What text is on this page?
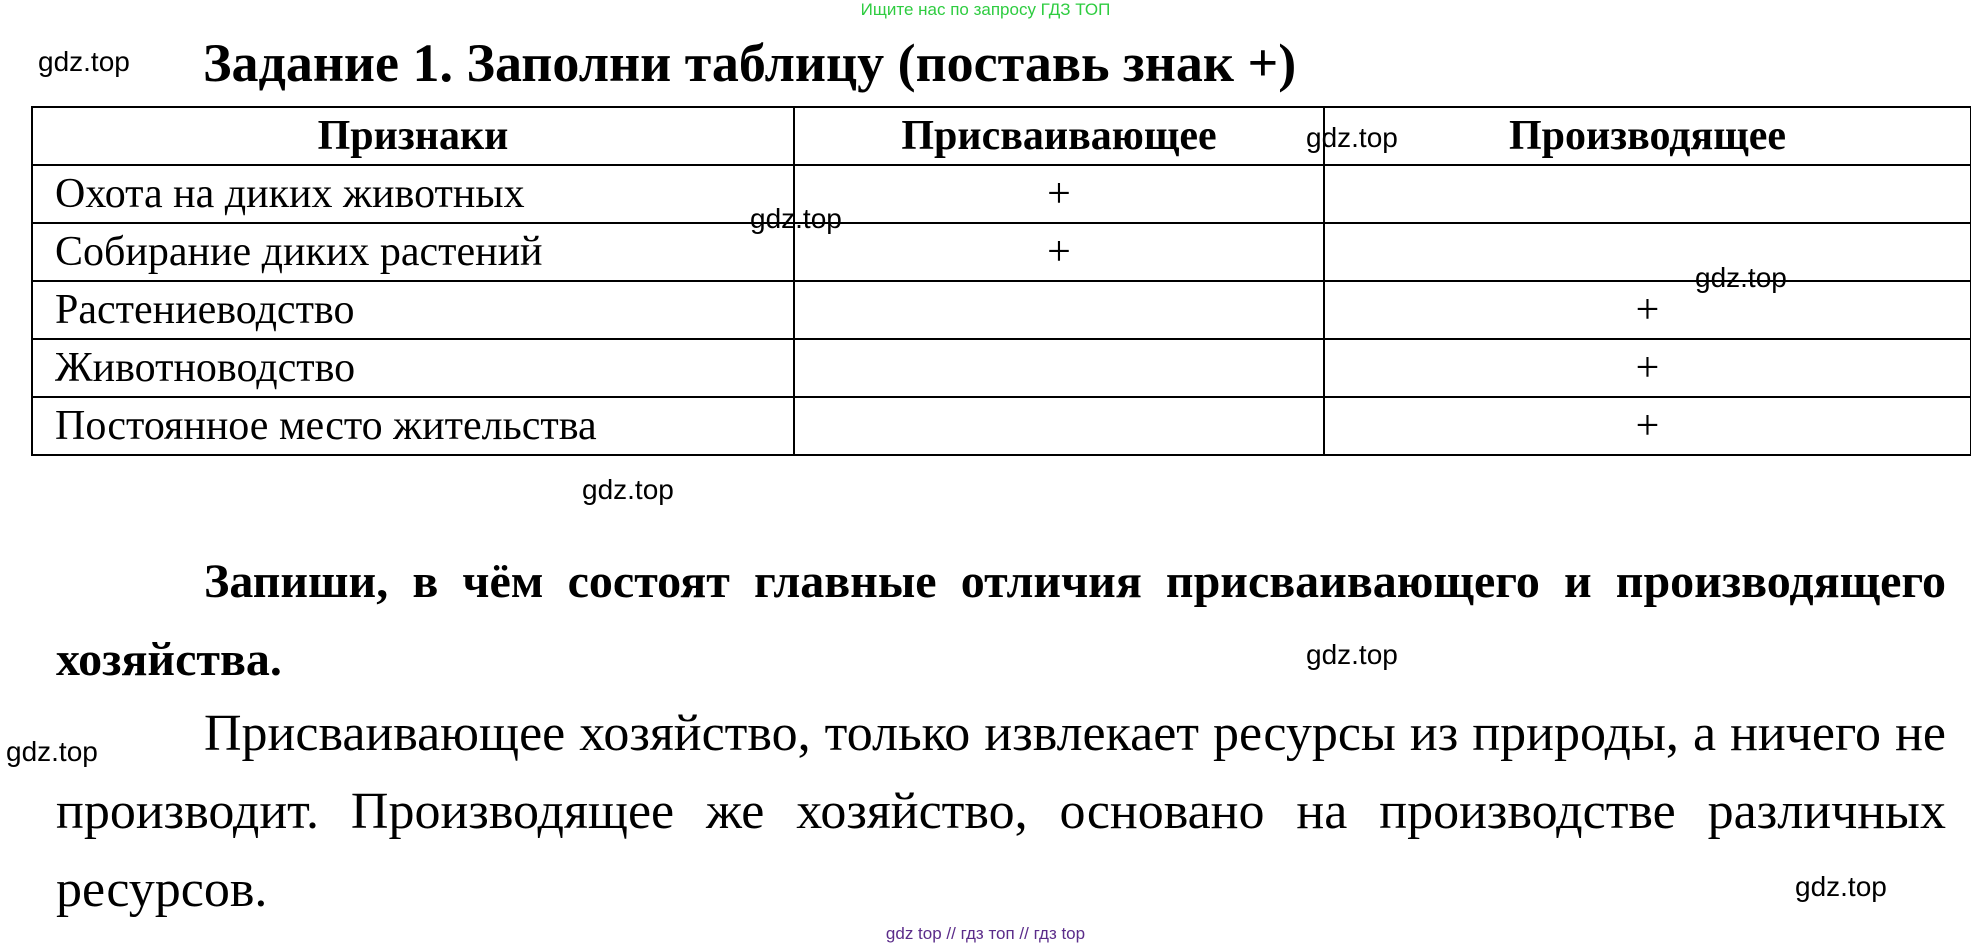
Ищите нас по запросу ГДЗ ТОП
gdz.top Задание 1. Заполни таблицу (поставь знак +)
Признаки	Присваивающее	Производящее
Охота на диких животных	+	
Собирание диких растений	+	
Растениеводство		+
Животноводство		+
Постоянное место жительства		+
gdz.top
gdz.top
gdz.top
gdz.top
Запиши, в чём состоят главные отличия присваивающего и производящего хозяйства.	gdz.top
gdz.top	Присваивающее хозяйство, только извлекает ресурсы из природы, а ничего не производит. Производящее же хозяйство, основано на производстве различных ресурсов.	gdz.top
gdz top // гдз топ // гдз top
